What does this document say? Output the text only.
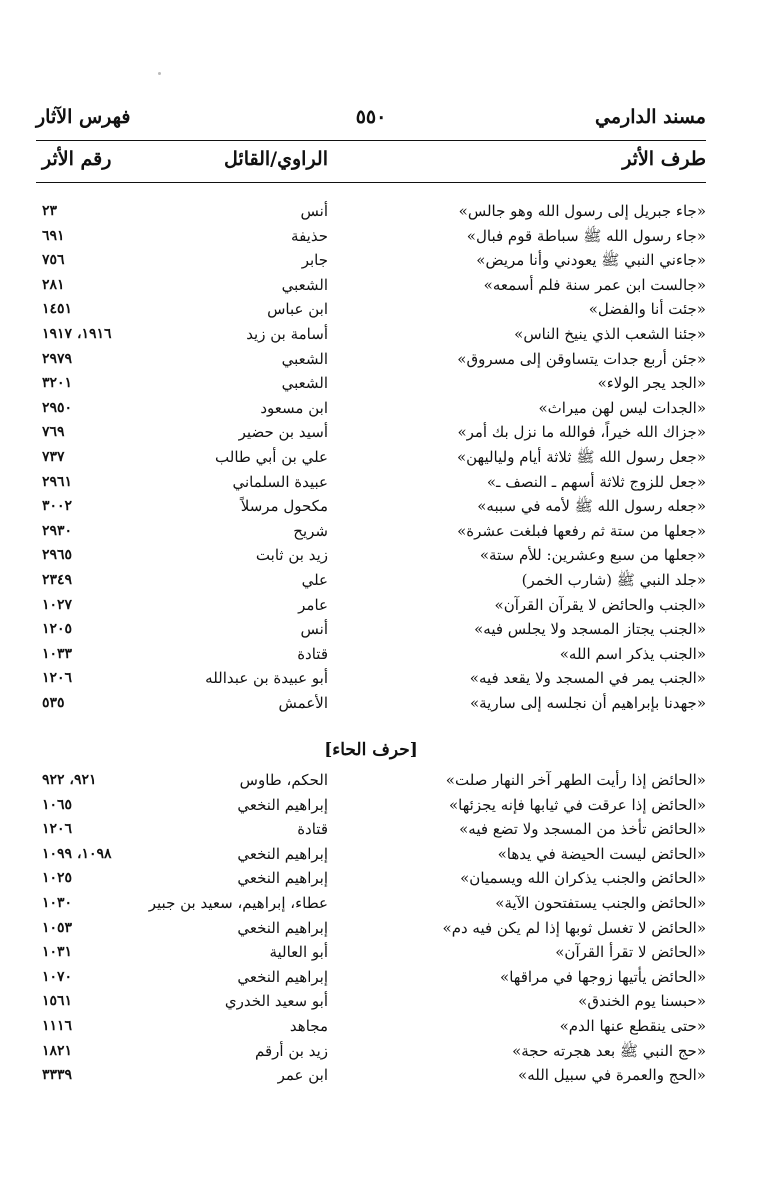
مسند الدارمي
٥٥٠
فهرس الآثار
طرف الأثر
الراوي/القائل
رقم الأثر
«جاء جبريل إلى رسول الله وهو جالس»
أنس
٢٣
«جاء رسول الله ﷺ سباطة قوم فبال»
حذيفة
٦٩١
«جاءني النبي ﷺ يعودني وأنا مريض»
جابر
٧٥٦
«جالست ابن عمر سنة فلم أسمعه»
الشعبي
٢٨١
«جئت أنا والفضل»
ابن عباس
١٤٥١
«جئنا الشعب الذي ينيخ الناس»
أسامة بن زيد
١٩١٦، ١٩١٧
«جئن أربع جدات يتساوقن إلى مسروق»
الشعبي
٢٩٧٩
«الجد يجر الولاء»
الشعبي
٣٢٠١
«الجدات ليس لهن ميراث»
ابن مسعود
٢٩٥٠
«جزاك الله خيراً، فوالله ما نزل بك أمر»
أسيد بن حضير
٧٦٩
«جعل رسول الله ﷺ ثلاثة أيام ولياليهن»
علي بن أبي طالب
٧٣٧
«جعل للزوج ثلاثة أسهم ـ النصف ـ»
عبيدة السلماني
٢٩٦١
«جعله رسول الله ﷺ لأمه في سببه»
مكحول مرسلاً
٣٠٠٢
«جعلها من ستة ثم رفعها فبلغت عشرة»
شريح
٢٩٣٠
«جعلها من سبع وعشرين: للأم ستة»
زيد بن ثابت
٢٩٦٥
«جلد النبي ﷺ (شارب الخمر)
علي
٢٣٤٩
«الجنب والحائض لا يقرآن القرآن»
عامر
١٠٢٧
«الجنب يجتاز المسجد ولا يجلس فيه»
أنس
١٢٠٥
«الجنب يذكر اسم الله»
قتادة
١٠٣٣
«الجنب يمر في المسجد ولا يقعد فيه»
أبو عبيدة بن عبدالله
١٢٠٦
«جهدنا بإبراهيم أن نجلسه إلى سارية»
الأعمش
٥٣٥
[حرف الحاء]
«الحائض إذا رأيت الطهر آخر النهار صلت»
الحكم، طاوس
٩٢١، ٩٢٢
«الحائض إذا عرقت في ثيابها فإنه يجزئها»
إبراهيم النخعي
١٠٦٥
«الحائض تأخذ من المسجد ولا تضع فيه»
قتادة
١٢٠٦
«الحائض ليست الحيضة في يدها»
إبراهيم النخعي
١٠٩٨، ١٠٩٩
«الحائض والجنب يذكران الله ويسميان»
إبراهيم النخعي
١٠٢٥
«الحائض والجنب يستفتحون الآية»
عطاء، إبراهيم، سعيد بن جبير
١٠٣٠
«الحائض لا تغسل ثوبها إذا لم يكن فيه دم»
إبراهيم النخعي
١٠٥٣
«الحائض لا تقرأ القرآن»
أبو العالية
١٠٣١
«الحائض يأتيها زوجها في مراقها»
إبراهيم النخعي
١٠٧٠
«حبسنا يوم الخندق»
أبو سعيد الخدري
١٥٦١
«حتى ينقطع عنها الدم»
مجاهد
١١١٦
«حج النبي ﷺ بعد هجرته حجة»
زيد بن أرقم
١٨٢١
«الحج والعمرة في سبيل الله»
ابن عمر
٣٣٣٩
